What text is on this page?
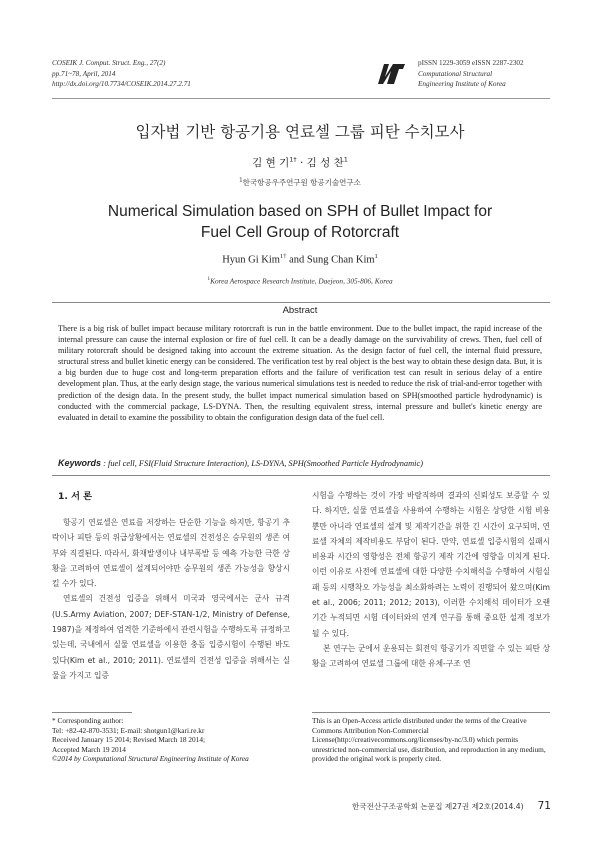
COSEIK J. Comput. Struct. Eng., 27(2)
pp.71~78, April, 2014
http://dx.doi.org/10.7734/COSEIK.2014.27.2.71
pISSN 1229-3059 eISSN 2287-2302
Computational Structural
Engineering Institute of Korea
입자법 기반 항공기용 연료셀 그룹 피탄 수치모사
김 현 기$^{1\dagger}$ · 김 성 찬$^1$
$^1$한국항공우주연구원 항공기술연구소
Numerical Simulation based on SPH of Bullet Impact for
Fuel Cell Group of Rotorcraft
Hyun Gi Kim$^{1\dagger}$ and Sung Chan Kim$^1$
$^1$Korea Aerospace Research Institute, Daejeon, 305-806, Korea
Abstract
There is a big risk of bullet impact because military rotorcraft is run in the battle environment. Due to the bullet impact, the rapid increase of the internal pressure can cause the internal explosion or fire of fuel cell. It can be a deadly damage on the survivability of crews. Then, fuel cell of military rotorcraft should be designed taking into account the extreme situation. As the design factor of fuel cell, the internal fluid pressure, structural stress and bullet kinetic energy can be considered. The verification test by real object is the best way to obtain these design data. But, it is a big burden due to huge cost and long-term preparation efforts and the failure of verification test can result in serious delay of a entire development plan. Thus, at the early design stage, the various numerical simulations test is needed to reduce the risk of trial-and-error together with prediction of the design data. In the present study, the bullet impact numerical simulation based on SPH(smoothed particle hydrodynamic) is conducted with the commercial package, LS-DYNA. Then, the resulting equivalent stress, internal pressure and bullet's kinetic energy are evaluated in detail to examine the possibility to obtain the configuration design data of the fuel cell.
Keywords : fuel cell, FSI(Fluid Structure Interaction), LS-DYNA, SPH(Smoothed Particle Hydrodynamic)
1. 서 론

항공기 연료셀은 연료를 저장하는 단순한 기능을 하지만, 항공기 추락이나 피탄 등의 위급상황에서는 연료셀의 건전성은 승무원의 생존 여부와 직결된다. 따라서, 화재발생이나 내부폭발 등 예측 가능한 극한 상황을 고려하여 연료셀이 설계되어야만 승무원의 생존 가능성을 향상시킬 수가 있다.

연료셀의 건전성 입증을 위해서 미국과 영국에서는 군사 규격(U.S.Army Aviation, 2007; DEF-STAN-1/2, Ministry of Defense, 1987)을 제정하여 엄격한 기준하에서 관련시험을 수행하도록 규정하고 있는데, 국내에서 실물 연료셀을 이용한 충돌 입증시험이 수행된 바도 있다(Kim et al., 2010; 2011). 연료셀의 건전성 입증을 위해서는 실물을 가지고 입증

시험을 수행하는 것이 가장 바람직하며 결과의 신뢰성도 보증할 수 있다. 하지만, 실물 연료셀을 사용하여 수행하는 시험은 상당한 시험 비용뿐만 아니라 연료셀의 설계 및 제작기간을 위한 긴 시간이 요구되며, 연료셀 자체의 제작비용도 부담이 된다. 만약, 연료셀 입증시험의 실패시 비용과 시간의 영향성은 전체 항공기 제작 기간에 영향을 미치게 된다. 이런 이유로 사전에 연료셀에 대한 다양한 수치해석을 수행하여 시험실패 등의 시행착오 가능성을 최소화하려는 노력이 진행되어 왔으며(Kim et al., 2006; 2011; 2012; 2013), 이러한 수치해석 데이터가 오랜 기간 누적되면 시험 데이터와의 연계 연구를 통해 중요한 설계 정보가 될 수 있다.

본 연구는 군에서 운용되는 회전익 항공기가 직면할 수 있는 피탄 상황을 고려하여 연료셀 그룹에 대한 유체-구조 연

* Corresponding author:
Tel: +82-42-870-3531; E-mail: shotgun1@kari.re.kr
Received January 15 2014; Revised March 18 2014;
Accepted March 19 2014
©2014 by Computational Structural Engineering Institute of Korea
This is an Open-Access article distributed under the terms of the Creative Commons Attribution Non-Commercial License(http://creativecommons.org/licenses/by-nc/3.0) which permits unrestricted non-commercial use, distribution, and reproduction in any medium, provided the original work is properly cited.
한국전산구조공학회 논문집 제27권 제2호(2014.4) 71
